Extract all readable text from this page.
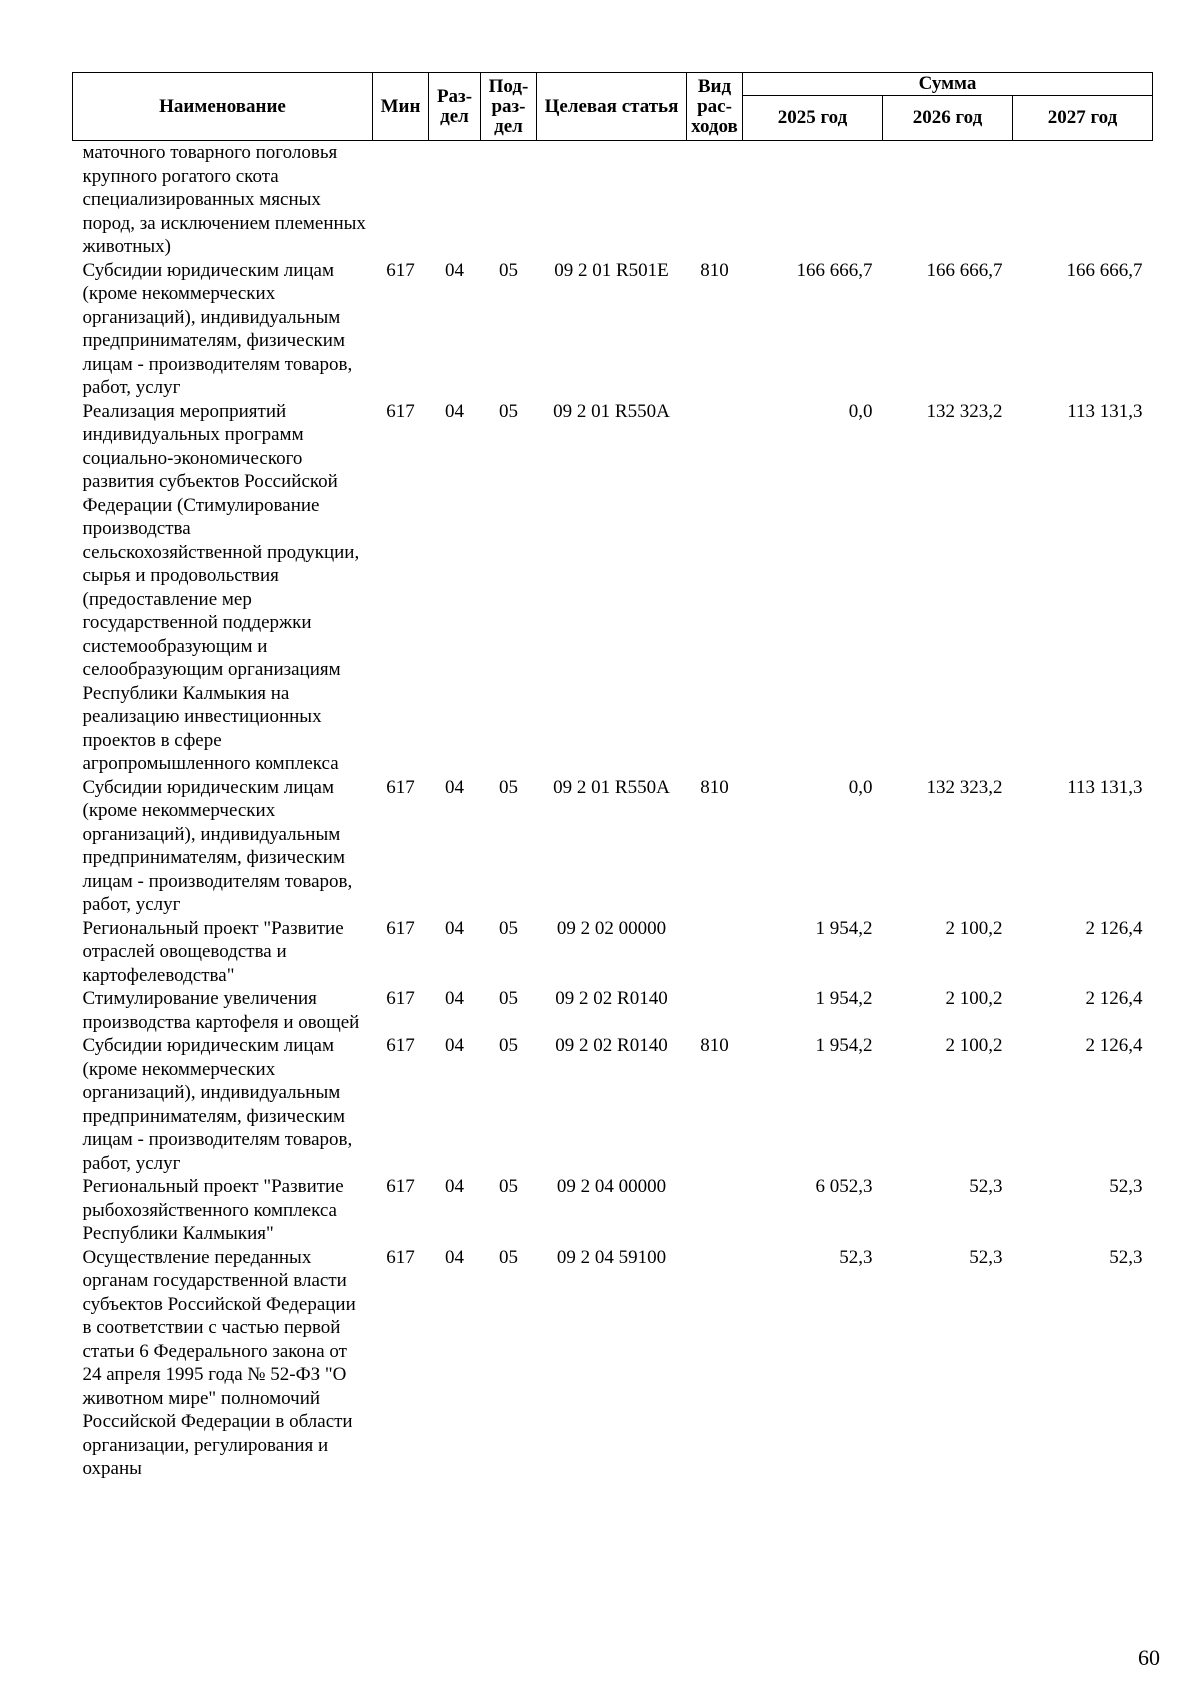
Наименование	Мин	Раз- дел	Под- раз- дел	Целевая статья	Вид рас- ходов	Сумма		
						2025 год	2026 год	2027 год
маточного товарного поголовья крупного рогатого скота специализированных мясных пород, за исключением племенных животных)								
Субсидии юридическим лицам (кроме некоммерческих организаций), индивидуальным предпринимателям, физическим лицам - производителям товаров, работ, услуг	617	04	05	09 2 01 R501E	810	166 666,7	166 666,7	166 666,7
Реализация мероприятий индивидуальных программ социально-экономического развития субъектов Российской Федерации (Стимулирование производства сельскохозяйственной продукции, сырья и продовольствия (предоставление мер государственной поддержки системообразующим и селообразующим организациям Республики Калмыкия на реализацию инвестиционных проектов в сфере агропромышленного комплекса	617	04	05	09 2 01 R550A		0,0	132 323,2	113 131,3
Субсидии юридическим лицам (кроме некоммерческих организаций), индивидуальным предпринимателям, физическим лицам - производителям товаров, работ, услуг	617	04	05	09 2 01 R550A	810	0,0	132 323,2	113 131,3
Региональный проект "Развитие отраслей овощеводства и картофелеводства"	617	04	05	09 2 02 00000		1 954,2	2 100,2	2 126,4
Стимулирование увеличения производства картофеля и овощей	617	04	05	09 2 02 R0140		1 954,2	2 100,2	2 126,4
Субсидии юридическим лицам (кроме некоммерческих организаций), индивидуальным предпринимателям, физическим лицам - производителям товаров, работ, услуг	617	04	05	09 2 02 R0140	810	1 954,2	2 100,2	2 126,4
Региональный проект "Развитие рыбохозяйственного комплекса Республики Калмыкия"	617	04	05	09 2 04 00000		6 052,3	52,3	52,3
Осуществление переданных органам государственной власти субъектов Российской Федерации в соответствии с частью первой статьи 6 Федерального закона от 24 апреля 1995 года № 52-ФЗ "О животном мире" полномочий Российской Федерации в области организации, регулирования и охраны	617	04	05	09 2 04 59100		52,3	52,3	52,3
60
